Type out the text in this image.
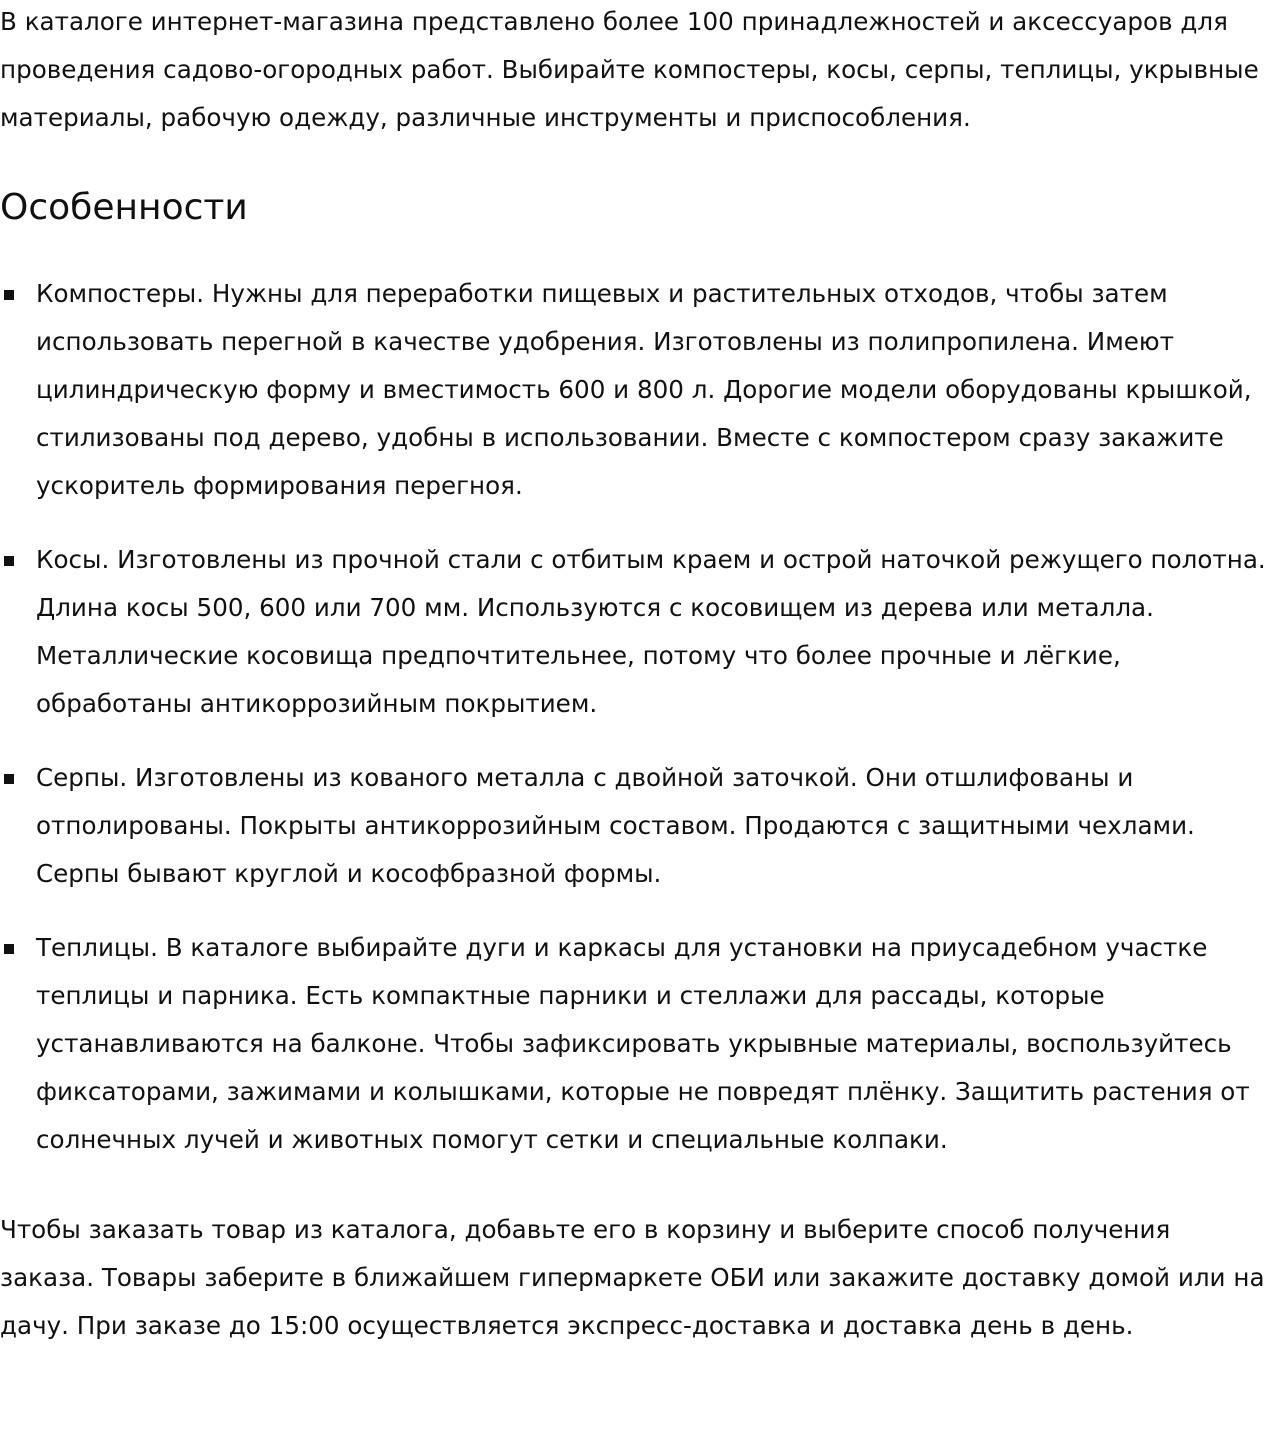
В каталоге интернет-магазина представлено более 100 принадлежностей и аксессуаров для проведения садово-огородных работ. Выбирайте компостеры, косы, серпы, теплицы, укрывные материалы, рабочую одежду, различные инструменты и приспособления.

Особенности
Компостеры. Нужны для переработки пищевых и растительных отходов, чтобы затем использовать перегной в качестве удобрения. Изготовлены из полипропилена. Имеют цилиндрическую форму и вместимость 600 и 800 л. Дорогие модели оборудованы крышкой, стилизованы под дерево, удобны в использовании. Вместе с компостером сразу закажите ускоритель формирования перегноя.
Косы. Изготовлены из прочной стали с отбитым краем и острой наточкой режущего полотна. Длина косы 500, 600 или 700 мм. Используются с косовищем из дерева или металла. Металлические косовища предпочтительнее, потому что более прочные и лёгкие, обработаны антикоррозийным покрытием.
Серпы. Изготовлены из кованого металла с двойной заточкой. Они отшлифованы и отполированы. Покрыты антикоррозийным составом. Продаются с защитными чехлами. Серпы бывают круглой и кософбразной формы.
Теплицы. В каталоге выбирайте дуги и каркасы для установки на приусадебном участке теплицы и парника. Есть компактные парники и стеллажи для рассады, которые устанавливаются на балконе. Чтобы зафиксировать укрывные материалы, воспользуйтесь фиксаторами, зажимами и колышками, которые не повредят плёнку. Защитить растения от солнечных лучей и животных помогут сетки и специальные колпаки.

Чтобы заказать товар из каталога, добавьте его в корзину и выберите способ получения заказа. Товары заберите в ближайшем гипермаркете ОБИ или закажите доставку домой или на дачу. При заказе до 15:00 осуществляется экспресс-доставка и доставка день в день.
